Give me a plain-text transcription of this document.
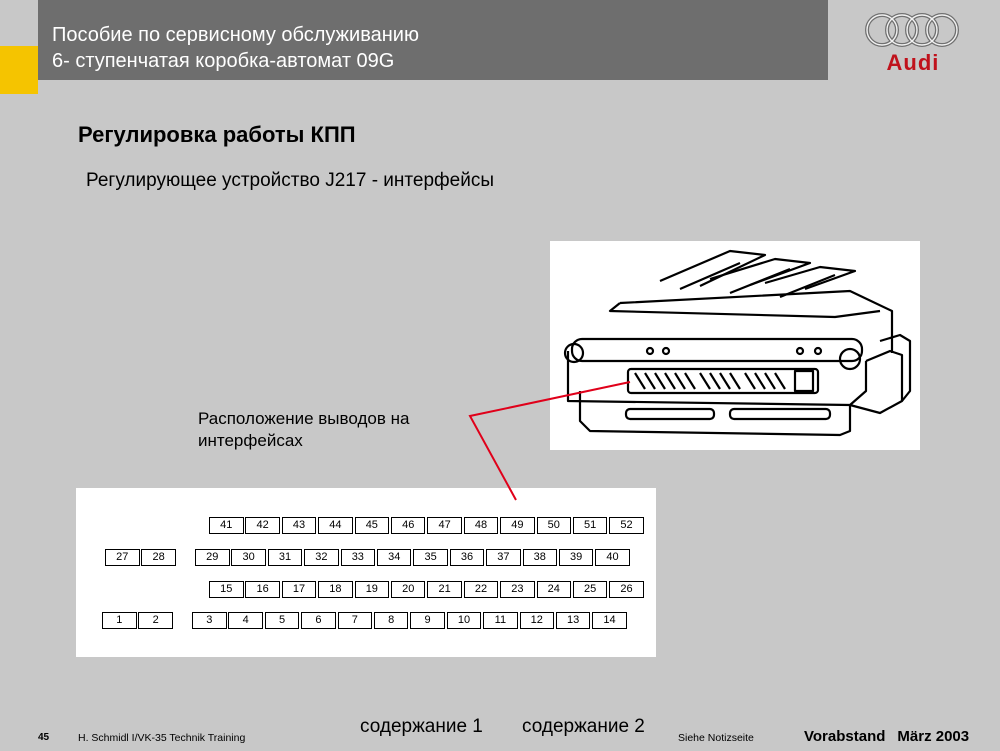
Пособие по сервисному обслуживанию
6- ступенчатая коробка-автомат 09G	Audi
Регулировка работы КПП
Регулирующее устройство J217 - интерфейсы
Расположение выводов на
интерфейсах
41	42	43	44	45	46	47	48	49	50	51	52
27	28	29	30	31	32	33	34	35	36	37	38	39	40
15	16	17	18	19	20	21	22	23	24	25	26
1	2	3	4	5	6	7	8	9	10	11	12	13	14
45	H. Schmidl I/VK-35 Technik Training
содержание 1 содержание 2
Siehe Notizseite	Vorabstand März 2003
